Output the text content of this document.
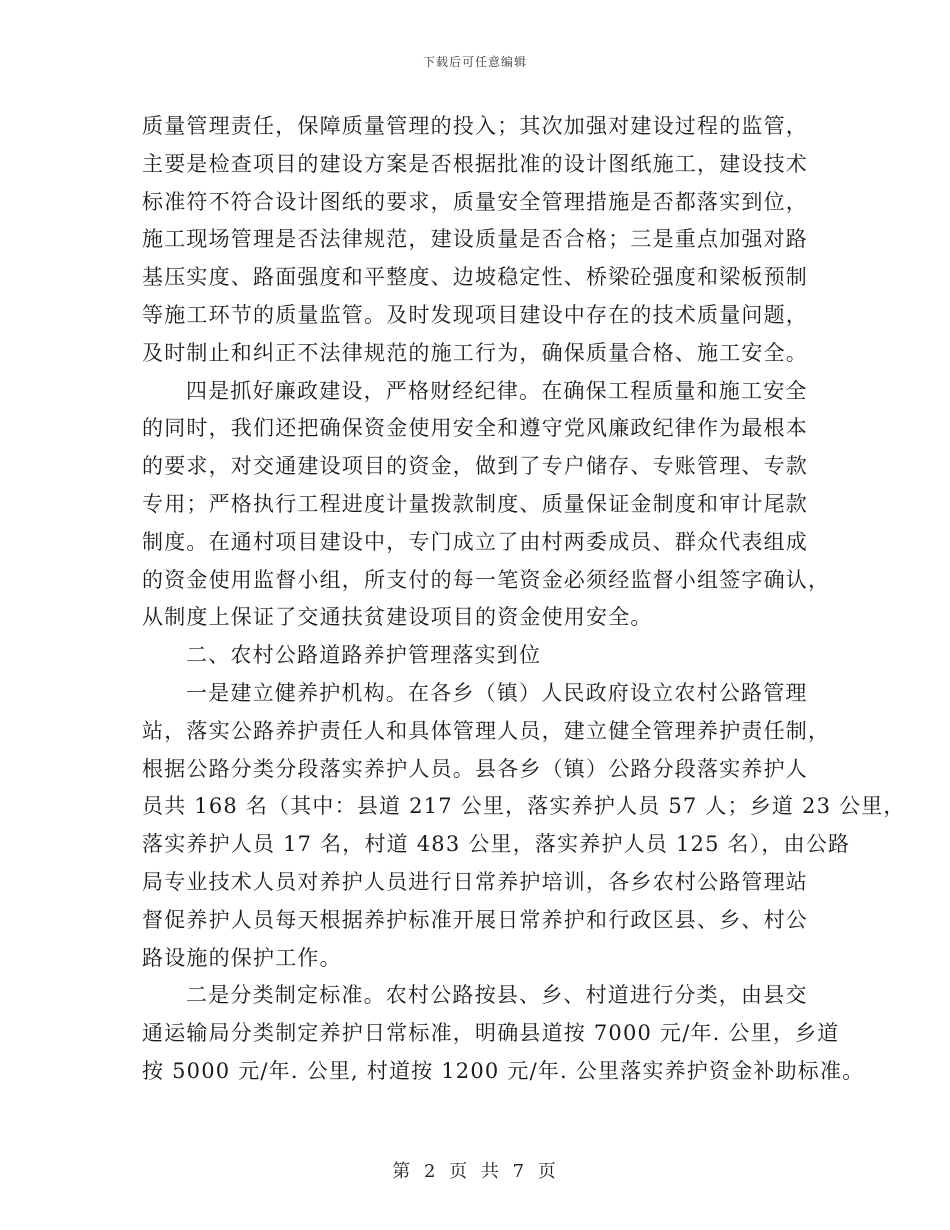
下载后可任意编辑

质量管理责任，保障质量管理的投入；其次加强对建设过程的监管，
主要是检查项目的建设方案是否根据批准的设计图纸施工，建设技术
标准符不符合设计图纸的要求，质量安全管理措施是否都落实到位，
施工现场管理是否法律规范，建设质量是否合格；三是重点加强对路
基压实度、路面强度和平整度、边坡稳定性、桥梁砼强度和梁板预制
等施工环节的质量监管。及时发现项目建设中存在的技术质量问题，
及时制止和纠正不法律规范的施工行为，确保质量合格、施工安全。

四是抓好廉政建设，严格财经纪律。在确保工程质量和施工安全
的同时，我们还把确保资金使用安全和遵守党风廉政纪律作为最根本
的要求，对交通建设项目的资金，做到了专户储存、专账管理、专款
专用；严格执行工程进度计量拨款制度、质量保证金制度和审计尾款
制度。在通村项目建设中，专门成立了由村两委成员、群众代表组成
的资金使用监督小组，所支付的每一笔资金必须经监督小组签字确认，
从制度上保证了交通扶贫建设项目的资金使用安全。

二、农村公路道路养护管理落实到位

一是建立健养护机构。在各乡（镇）人民政府设立农村公路管理
站，落实公路养护责任人和具体管理人员，建立健全管理养护责任制，
根据公路分类分段落实养护人员。县各乡（镇）公路分段落实养护人
员共 168 名（其中：县道 217 公里，落实养护人员 57 人；乡道 23 公里，
落实养护人员 17 名，村道 483 公里，落实养护人员 125 名），由公路
局专业技术人员对养护人员进行日常养护培训，各乡农村公路管理站
督促养护人员每天根据养护标准开展日常养护和行政区县、乡、村公
路设施的保护工作。

二是分类制定标准。农村公路按县、乡、村道进行分类，由县交
通运输局分类制定养护日常标准，明确县道按 7000 元/年. 公里，乡道
按 5000 元/年. 公里, 村道按 1200 元/年. 公里落实养护资金补助标准。

第 2 页 共 7 页
